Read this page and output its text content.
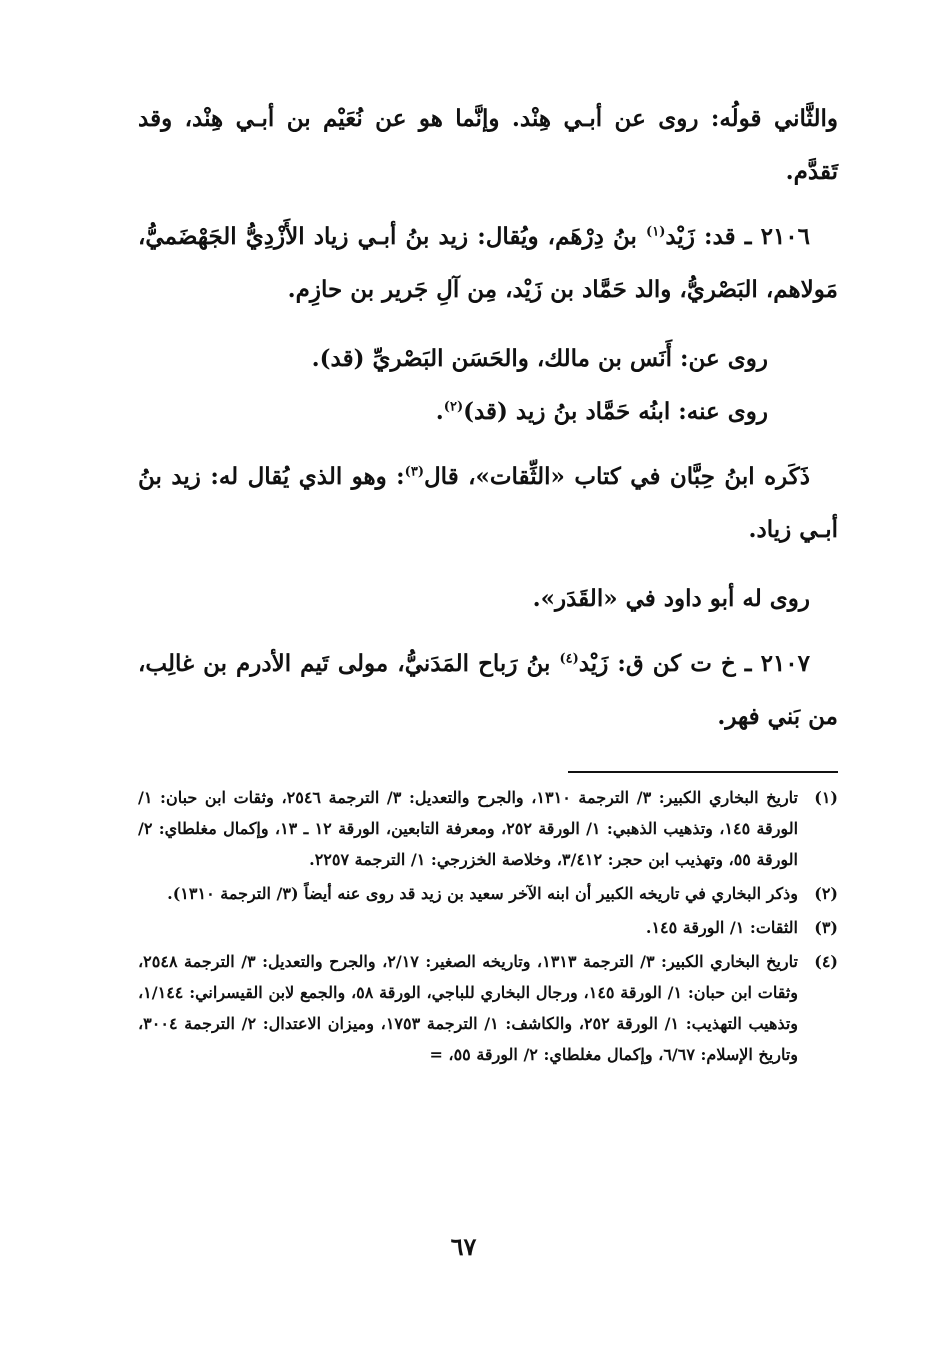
والثَّاني قولُه: روى عن أبـي هِنْد. وإنَّما هو عن نُعَيْم بن أبـي هِنْد، وقد تَقدَّم.

٢١٠٦ ـ قد: زَيْد$^{(١)}$ بنُ دِرْهَم، ويُقال: زيد بنُ أبـي زياد الأَزْدِيُّ الجَهْضَميُّ، مَولاهم، البَصْريُّ، والد حَمَّاد بن زَيْد، مِن آلِ جَرير بن حازِم.

روى عن: أَنَس بن مالك، والحَسَن البَصْريِّ (قد).

روى عنه: ابنُه حَمَّاد بنُ زيد (قد)$^{(٢)}$.

ذَكَره ابنُ حِبَّان في كتاب «الثِّقات»، قال$^{(٣)}$: وهو الذي يُقال له: زيد بنُ أبـي زياد.

روى له أبو داود في «القَدَر».

٢١٠٧ ـ خ ت كن ق: زَيْد$^{(٤)}$ بنُ رَباح المَدَنيُّ، مولى تَيم الأدرم بن غالِب، من بَني فهر.

(١)
تاريخ البخاري الكبير: ٣/ الترجمة ١٣١٠، والجرح والتعديل: ٣/ الترجمة ٢٥٤٦، وثقات ابن حبان: ١/ الورقة ١٤٥، وتذهيب الذهبي: ١/ الورقة ٢٥٢، ومعرفة التابعين، الورقة ١٢ ـ ١٣، وإكمال مغلطاي: ٢/ الورقة ٥٥، وتهذيب ابن حجر: ٣/٤١٢، وخلاصة الخزرجي: ١/ الترجمة ٢٢٥٧.
(٢)
وذكر البخاري في تاريخه الكبير أن ابنه الآخر سعيد بن زيد قد روى عنه أيضاً (٣/ الترجمة ١٣١٠).
(٣)
الثقات: ١/ الورقة ١٤٥.
(٤)
تاريخ البخاري الكبير: ٣/ الترجمة ١٣١٣، وتاريخه الصغير: ٢/١٧، والجرح والتعديل: ٣/ الترجمة ٢٥٤٨، وثقات ابن حبان: ١/ الورقة ١٤٥، ورجال البخاري للباجي، الورقة ٥٨، والجمع لابن القيسراني: ١/١٤٤، وتذهيب التهذيب: ١/ الورقة ٢٥٢، والكاشف: ١/ الترجمة ١٧٥٣، وميزان الاعتدال: ٢/ الترجمة ٣٠٠٤، وتاريخ الإسلام: ٦/٦٧، وإكمال مغلطاي: ٢/ الورقة ٥٥، =
٦٧
